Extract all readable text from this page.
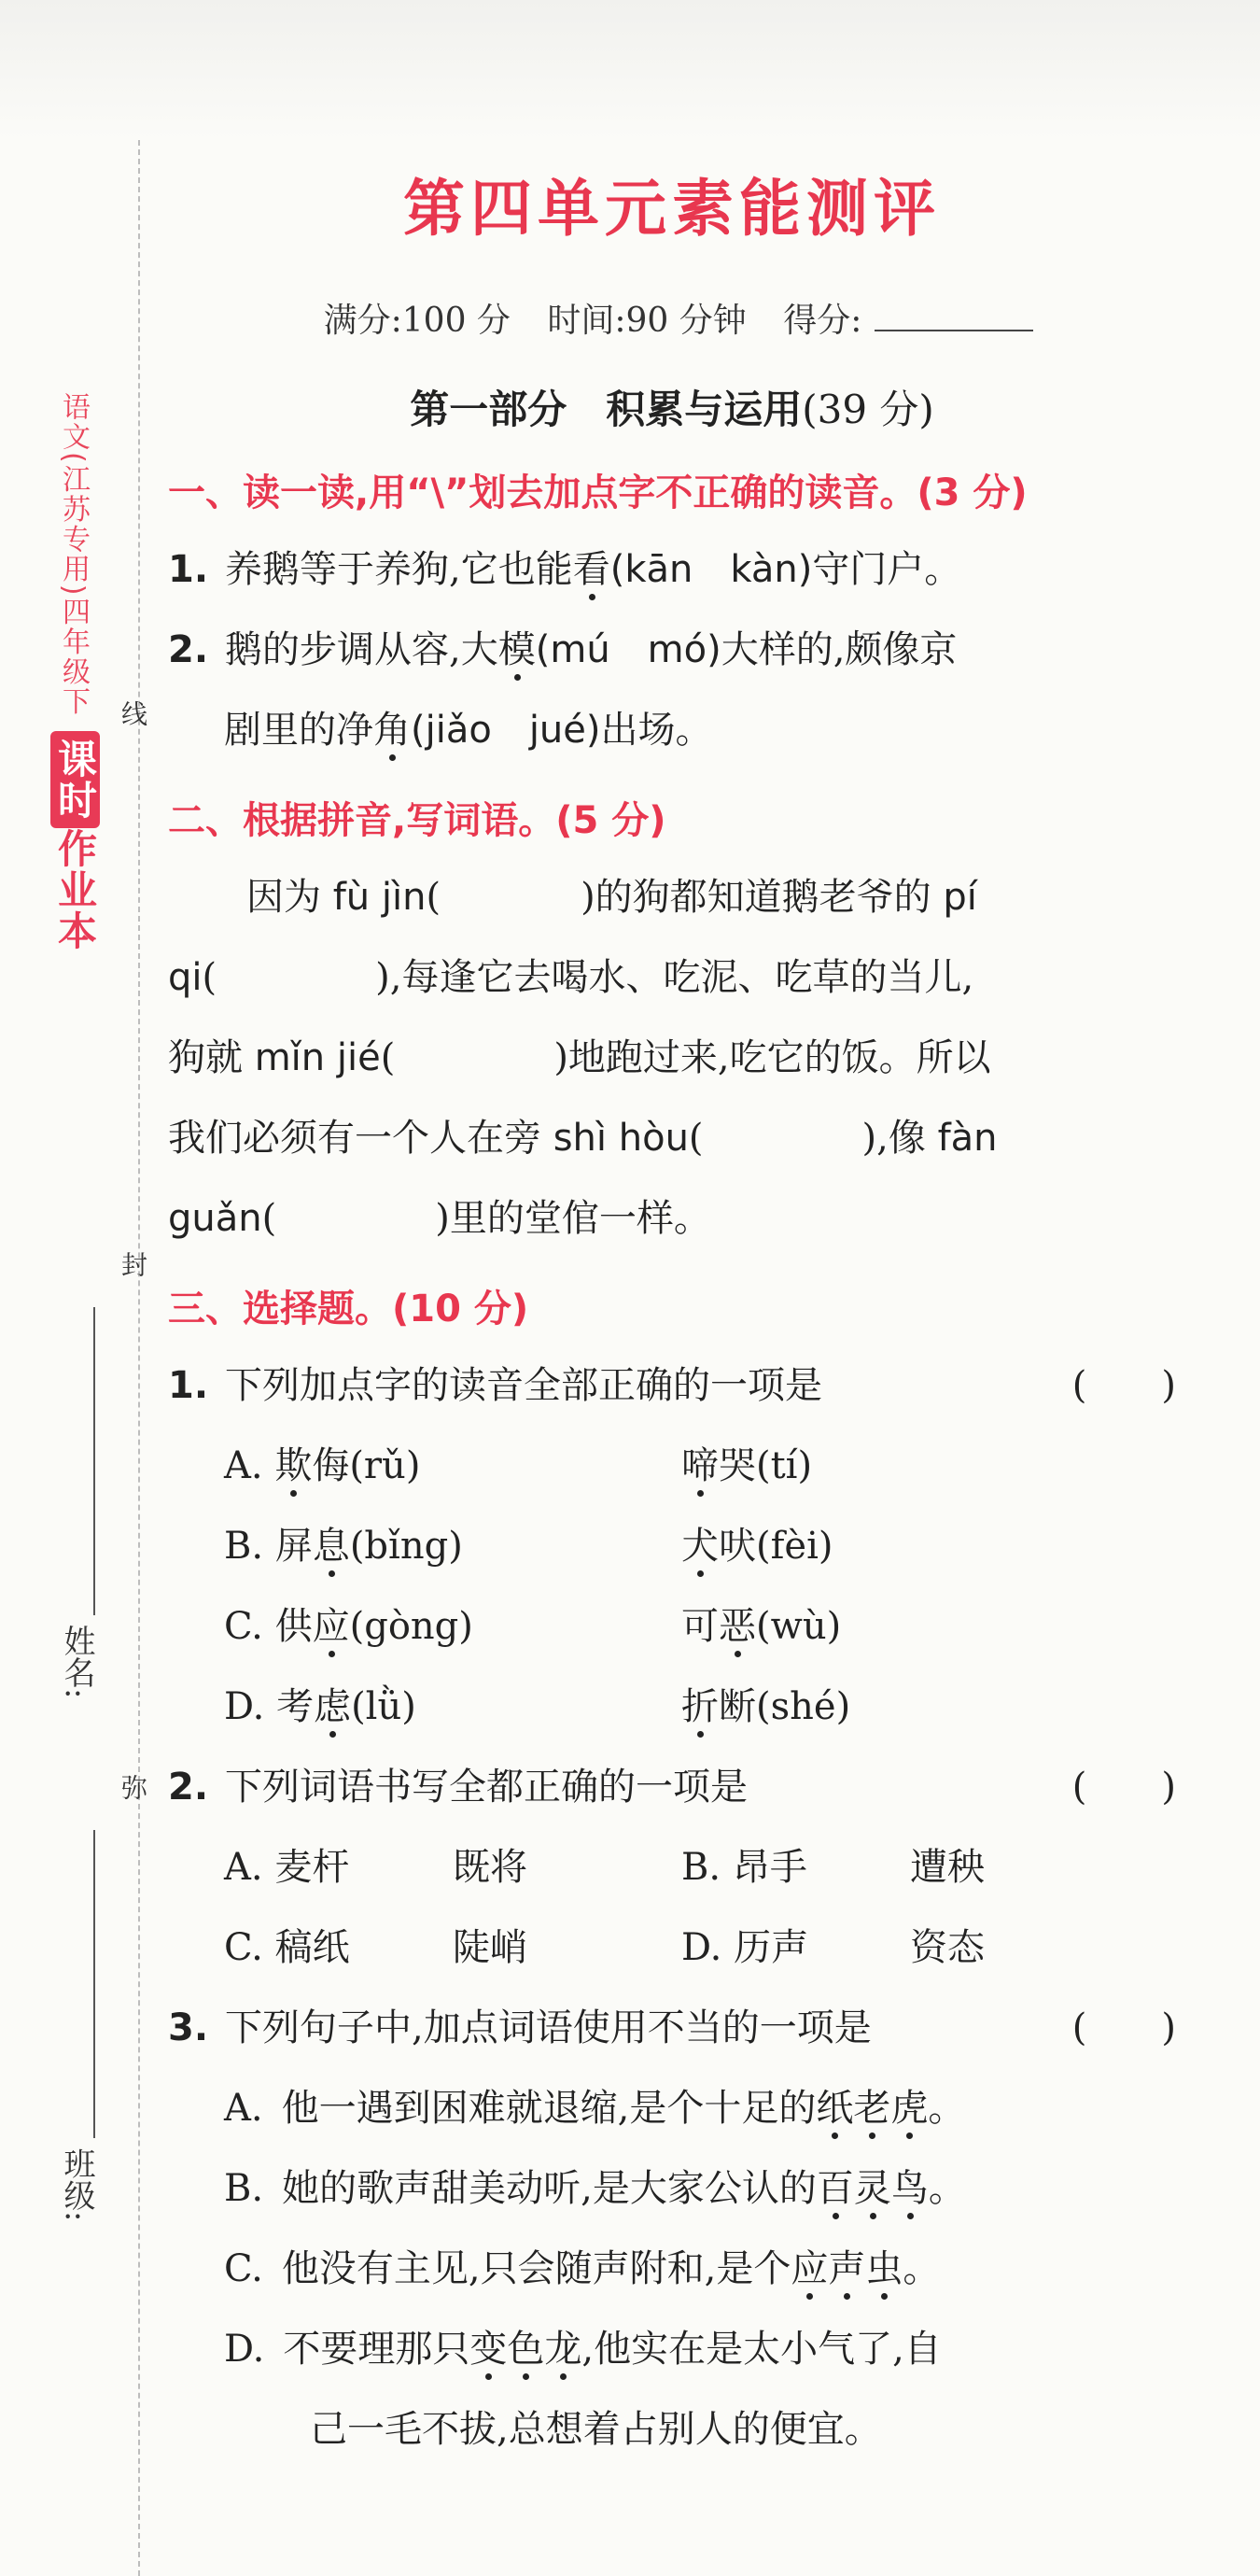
语文(江苏专用)四年级下
课时作业本
线
封
弥
姓名:
班级:
第四单元素能测评
满分:100 分 时间:90 分钟 得分:
第一部分　积累与运用(39 分)
一、读一读,用“\”划去加点字不正确的读音。(3 分)
1. 养鹅等于养狗,它也能看(kān　kàn)守门户。
2. 鹅的步调从容,大模(mú　mó)大样的,颇像京
剧里的净角(jiǎo　jué)出场。
二、根据拼音,写词语。(5 分)
因为 fù jìn(	)的狗都知道鹅老爷的 pí
qi(	),每逢它去喝水、吃泥、吃草的当儿,
狗就 mǐn jié(	)地跑过来,吃它的饭。所以
我们必须有一个人在旁 shì hòu(	),像 fàn
guǎn(	)里的堂倌一样。
三、选择题。(10 分)
1. 下列加点字的读音全部正确的一项是	(　　)
A. 欺侮(rǔ)	啼哭(tí)
B. 屏息(bǐng)	犬吠(fèi)
C. 供应(gòng)	可恶(wù)
D. 考虑(lǜ)	折断(shé)
2. 下列词语书写全都正确的一项是	(　　)
A. 麦杆	既将	B. 昂手	遭秧
C. 稿纸	陡峭	D. 历声	资态
3. 下列句子中,加点词语使用不当的一项是	(　　)
A. 他一遇到困难就退缩,是个十足的纸老虎。
B. 她的歌声甜美动听,是大家公认的百灵鸟。
C. 他没有主见,只会随声附和,是个应声虫。
D. 不要理那只变色龙,他实在是太小气了,自
己一毛不拔,总想着占别人的便宜。
